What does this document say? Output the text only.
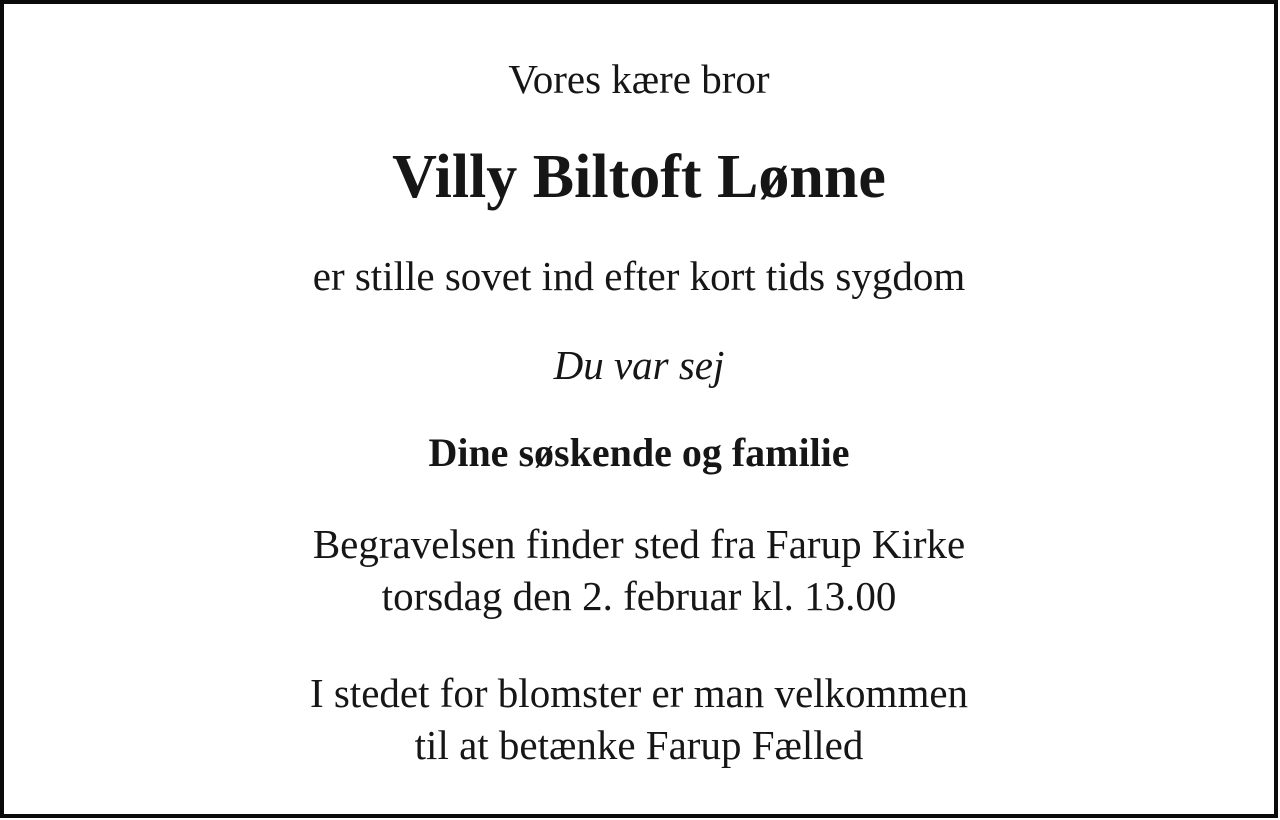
Vores kære bror
Villy Biltoft Lønne
er stille sovet ind efter kort tids sygdom
Du var sej
Dine søskende og familie
Begravelsen finder sted fra Farup Kirke
torsdag den 2. februar kl. 13.00
I stedet for blomster er man velkommen
til at betænke Farup Fælled
